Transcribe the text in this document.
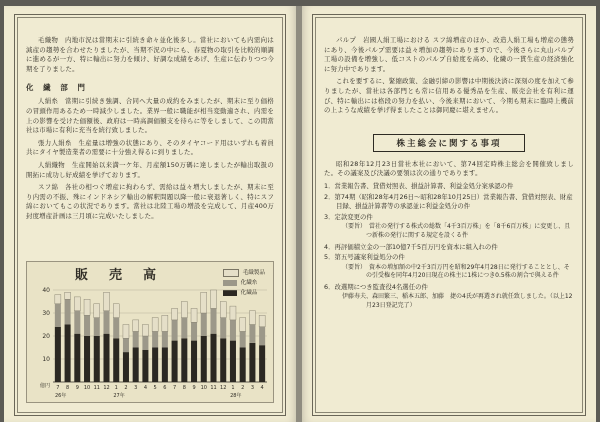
毛織物　内地市況は當期末に引続き命々並化後多し。當社においても内需向は減産の趨勢を合わせたりましたが、当期不況の中にも、春夏物の取引を比較的順調に進めるが一方、特に輸出に努力を傾け、好調な成績をあげ、生産に伝わりつつ今期を了りました。

化　繊　部　門

人絹糸　當期に引続き強調、合同へ大量の成約をみましたが、期末に至り価格の冒頭作用あるため一時減少しました。業界一般に職能が相当変動適され、内需を上の影響を受けた価額後、政府は一時高調価額支を待らに等をしまして、この間當社は市場に有利に充当を続行致しました。

張力人絹糸　生産量は増強の状態にあり、そのタイヤコード用はいずれも着員共にタイヤ製造業者の需要に十分強え得るに到りました。

人絹織物　生産開始以来満一ケ年、月産額150万碼に達しましたが輸出取扱の開拓に成功し好成績を挙げております。

スフ綿　各社の相つぐ増産に拘わらず、需給は益々増大しましたが、期末に至り内需の不振、殊にインドネシア輸出の解釈問題以降一般に衰退著しく、特にスフ綿においてもこの状況であります。當社は北陸工場の増設を完成して、月産400万封度増産計画は三月頃に完成いたしました。

販　売　高	毛織製品
化繊糸
化繊品
40
30
20
10
億円 7 8 9 10 11 12 1 2 3 4 5 6 7 8 9 10 11 12 1 2 3 4
26年	27年	28年

パルプ　岩國人絹工場における スフ綿増産のほか、改造人絹工場も増産の態勢にあり、今後パルプ需要は益々増加の趨勢にありますので、今後さらに丸山パルプ工場の設備を増強し、低コストのパルプ自給度を高め、化繊の一貫生産の経済強化に努力中であります。

これを要するに、緊縮政策、金融引締の影響は中期後決済に深刻の度を加えて参りましたが、當社は各部門とも常に信用ある優秀品を生産、販売会社を有利に運び、特に輸出には格段の努力を払い、今後来期において、今期も期末に臨時上機前の上ような成績を挙げ得ましたことは御同慶に堪えません。

株主総会に関する事項

昭和28年12月23日當社本社において、第74回定時株主総会を開催致しました。その議案及び決議の要領は次の通りであります。

1．営業報告書、貸借対照表、損益計算書、利益金処分案承認の件
2．第74期（昭和28年4月26日〜昭和28年10月25日）営業報告書、貸借対照表、財産目録、損益計算書等の承認並に利益金処分の件
3．定款変更の件
（要旨）　當社の発行する株式の総数「4千3百万株」を「8千6百万株」に変更し、且つ新株の発行に関する規定を設くる件
4．再評価積立金の一部10億7千5百万円を資本に組入れの件
5．第五号議案利益処分の件
（要旨）　資本の増加額の中2千3百万円を昭和29年4月28日に発行することとし、その引受権を同年4月20日現在の株主に1株につき0.5株の割合で與える件
6．改選期につき監査役4名選任の件
伊藤寿夫、森田繁三、稲本五郎、加藤　捷の4氏が再選され就任致しました。（以上12月23日登記完了）
